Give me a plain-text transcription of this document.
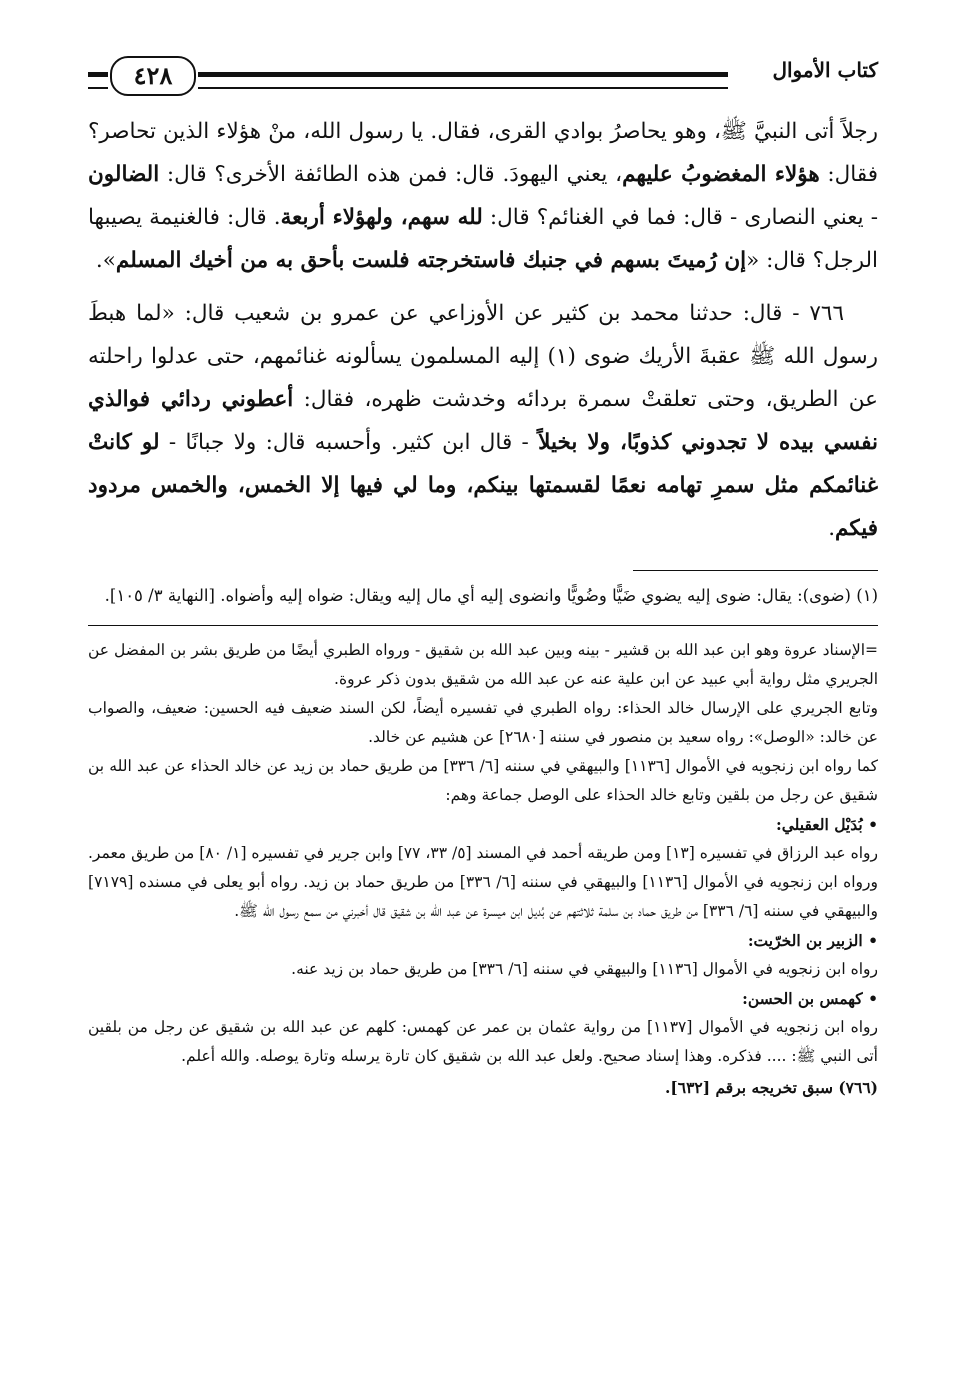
كتاب الأموال
٤٢٨

رجلاً أتى النبيَّ ﷺ، وهو يحاصرُ بوادي القرى، فقال. يا رسول الله، منْ هؤلاء الذين تحاصر؟ فقال: هؤلاء المغضوبُ عليهم، يعني اليهودَ. قال: فمن هذه الطائفة الأخرى؟ قال: الضالون - يعني النصارى - قال: فما في الغنائم؟ قال: لله سهم، ولهؤلاء أربعة. قال: فالغنيمة يصيبها الرجل؟ قال: «إن رُميتَ بسهم في جنبك فاستخرجته فلست بأحق به من أخيك المسلم».

٧٦٦ - قال: حدثنا محمد بن كثير عن الأوزاعي عن عمرو بن شعيب قال: «لما هبطَ رسول الله ﷺ عقبةَ الأريك ضوى (١) إليه المسلمون يسألونه غنائمهم، حتى عدلوا راحلته عن الطريق، وحتى تعلقتْ سمرة بردائه وخدشت ظهره، فقال: أعطوني ردائي فوالذي نفسي بيده لا تجدوني كذوبًا، ولا بخيلاً - قال ابن كثير. وأحسبه قال: ولا جبانًا - لو كانتْ غنائمكم مثل سمرِ تهامه نعمًا لقسمتها بينكم، وما لي فيها إلا الخمس، والخمس مردود فيكم.

(١) (ضوى): يقال: ضوى إليه يضوي ضَيًّا وضُويًّا وانضوى إليه أي مال إليه ويقال: ضواه إليه وأضواه. [النهاية ٣/ ١٠٥].

=الإسناد عروة وهو ابن عبد الله بن قشير - بينه وبين عبد الله بن شقيق - ورواه الطبري أيضًا من طريق بشر بن المفضل عن الجريري مثل رواية أبي عبيد عن ابن علية عنه عن عبد الله من شقيق بدون ذكر عروة.

وتابع الجريري على الإرسال خالد الحذاء: رواه الطبري في تفسيره أيضاً، لكن السند ضعيف فيه الحسين: ضعيف، والصواب عن خالد: «الوصل»: رواه سعيد بن منصور في سننه [٢٦٨٠] عن هشيم عن خالد.

كما رواه ابن زنجويه في الأموال [١١٣٦] والبيهقي في سننه [٦/ ٣٣٦] من طريق حماد بن زيد عن خالد الحذاء عن عبد الله بن شقيق عن رجل من بلقين وتابع خالد الحذاء على الوصل جماعة وهم:

• بُدَيْل العقيلي:

رواه عبد الرزاق في تفسيره [١٣] ومن طريقه أحمد في المسند [٥/ ٣٣، ٧٧] وابن جرير في تفسيره [١/ ٨٠] من طريق معمر. ورواه ابن زنجويه في الأموال [١١٣٦] والبيهقي في سننه [٦/ ٣٣٦] من طريق حماد بن زيد. رواه أبو يعلى في مسنده [٧١٧٩] والبيهقي في سننه [٦/ ٣٣٦] من طريق حماد بن سلمة ثلاثتهم عن بُديل ابن ميسرة عن عبد الله بن شقيق قال أخبرني من سمع رسول الله ﷺ.

• الزبير بن الخرّيت:

رواه ابن زنجويه في الأموال [١١٣٦] والبيهقي في سننه [٦/ ٣٣٦] من طريق حماد بن زيد عنه.

• كهمس بن الحسن:

رواه ابن زنجويه في الأموال [١١٣٧] من رواية عثمان بن عمر عن كهمس: كلهم عن عبد الله بن شقيق عن رجل من بلقين أتى النبي ﷺ: .... فذكره. وهذا إسناد صحيح. ولعل عبد الله بن شقيق كان تارة يرسله وتارة يوصله. والله أعلم.

(٧٦٦) سبق تخريجه برقم [٦٣٢].
